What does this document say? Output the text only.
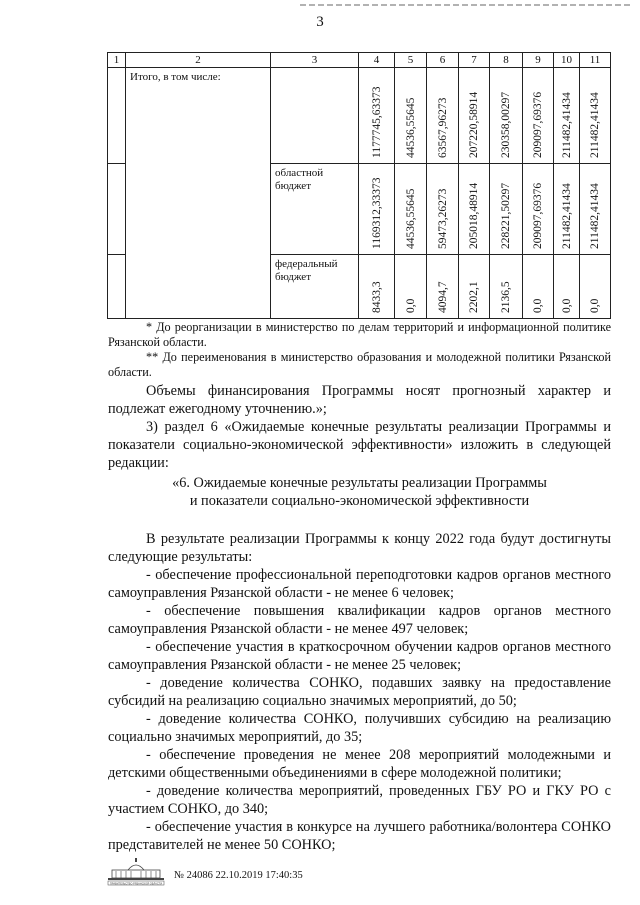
3
1	2	3	4	5	6	7	8	9	10	11
	Итого, в том числе:		1177745,63373	44536,55645	63567,96273	207220,58914	230358,00297	209097,69376	211482,41434	211482,41434

		областной бюджет	1169312,33373	44536,55645	59473,26273	205018,48914	228221,50297	209097,69376	211482,41434	211482,41434

		федеральный бюджет	8433,3	0,0	4094,7	2202,1	2136,5	0,0	0,0	0,0

* До реорганизации в министерство по делам территорий и информационной политике Рязанской области.

** До переименования в министерство образования и молодежной политики Рязанской области.

Объемы финансирования Программы носят прогнозный характер и подлежат ежегодному уточнению.»;

3) раздел 6 «Ожидаемые конечные результаты реализации Программы и показатели социально-экономической эффективности» изложить в следующей редакции:

«6. Ожидаемые конечные результаты реализации Программы

и показатели социально-экономической эффективности

В результате реализации Программы к концу 2022 года будут достигнуты следующие результаты:

- обеспечение профессиональной переподготовки кадров органов местного самоуправления Рязанской области - не менее 6 человек;

- обеспечение повышения квалификации кадров органов местного самоуправления Рязанской области - не менее 497 человек;

- обеспечение участия в краткосрочном обучении кадров органов местного самоуправления Рязанской области - не менее 25 человек;

- доведение количества СОНКО, подавших заявку на предоставление субсидий на реализацию социально значимых мероприятий, до 50;

- доведение количества СОНКО, получивших субсидию на реализацию социально значимых мероприятий, до 35;

- обеспечение проведения не менее 208 мероприятий молодежными и детскими общественными объединениями в сфере молодежной политики;

- доведение количества мероприятий, проведенных ГБУ РО и ГКУ РО с участием СОНКО, до 340;

- обеспечение участия в конкурсе на лучшего работника/волонтера СОНКО представителей не менее 50 СОНКО;

ПРАВИТЕЛЬСТВО РЯЗАНСКОЙ ОБЛАСТИ
№ 24086 22.10.2019 17:40:35
